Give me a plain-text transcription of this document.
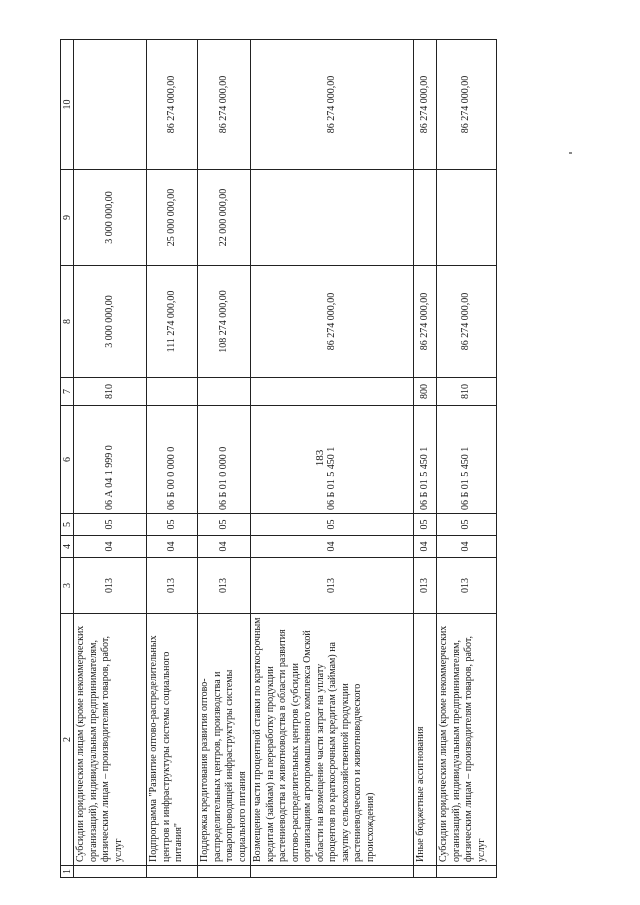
183
1	2	3	4	5	6	7	8	9	10
	Субсидии юридическим лицам (кроме некоммерческих организаций), индивидуальным предпринимателям, физическим лицам – производителям товаров, работ, услуг	013	04	05	06 А 04 1 999 0	810	3 000 000,00	3 000 000,00	
	Подпрограмма "Развитие оптово-распределительных центров и инфраструктуры системы социального питания"	013	04	05	06 Б 00 0 000 0		111 274 000,00	25 000 000,00	86 274 000,00
	Поддержка кредитования развития оптово-распределительных центров, производства и товаропроводящей инфраструктуры системы социального питания	013	04	05	06 Б 01 0 000 0		108 274 000,00	22 000 000,00	86 274 000,00
	Возмещение части процентной ставки по краткосрочным кредитам (займам) на переработку продукции растениеводства и животноводства в области развития оптово-распределительных центров (субсидии организациям агропромышленного комплекса Омской области на возмещение части затрат на уплату процентов по краткосрочным кредитам (займам) на закупку сельскохозяйственной продукции растениеводческого и животноводческого происхождения)	013	04	05	06 Б 01 5 450 1		86 274 000,00		86 274 000,00
	Иные бюджетные ассигнования	013	04	05	06 Б 01 5 450 1	800	86 274 000,00		86 274 000,00
	Субсидии юридическим лицам (кроме некоммерческих организаций), индивидуальным предпринимателям, физическим лицам – производителям товаров, работ, услуг	013	04	05	06 Б 01 5 450 1	810	86 274 000,00		86 274 000,00
